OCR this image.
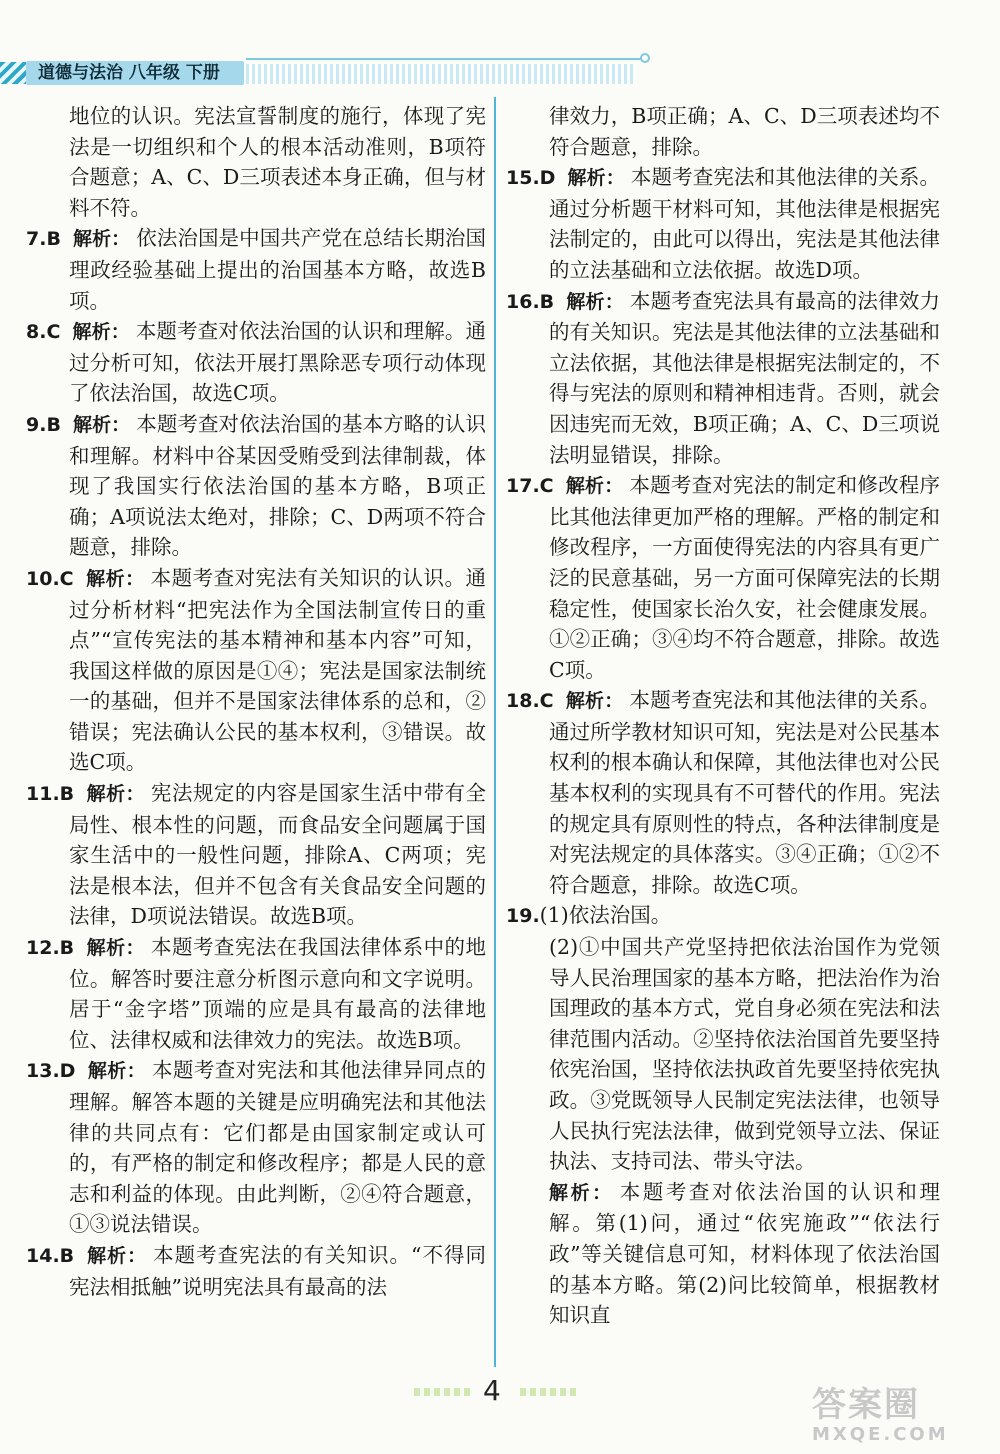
道德与法治 八年级 下册
地位的认识。宪法宣誓制度的施行，体现了宪法是一切组织和个人的根本活动准则，B项符合题意；A、C、D三项表述本身正确，但与材料不符。
7.B 解析： 依法治国是中国共产党在总结长期治国理政经验基础上提出的治国基本方略，故选B项。
8.C 解析： 本题考查对依法治国的认识和理解。通过分析可知，依法开展打黑除恶专项行动体现了依法治国，故选C项。
9.B 解析： 本题考查对依法治国的基本方略的认识和理解。材料中谷某因受贿受到法律制裁，体现了我国实行依法治国的基本方略，B项正确；A项说法太绝对，排除；C、D两项不符合题意，排除。
10.C 解析： 本题考查对宪法有关知识的认识。通过分析材料“把宪法作为全国法制宣传日的重点”“宣传宪法的基本精神和基本内容”可知，我国这样做的原因是①④；宪法是国家法制统一的基础，但并不是国家法律体系的总和，②错误；宪法确认公民的基本权利，③错误。故选C项。
11.B 解析： 宪法规定的内容是国家生活中带有全局性、根本性的问题，而食品安全问题属于国家生活中的一般性问题，排除A、C两项；宪法是根本法，但并不包含有关食品安全问题的法律，D项说法错误。故选B项。
12.B 解析： 本题考查宪法在我国法律体系中的地位。解答时要注意分析图示意向和文字说明。居于“金字塔”顶端的应是具有最高的法律地位、法律权威和法律效力的宪法。故选B项。
13.D 解析： 本题考查对宪法和其他法律异同点的理解。解答本题的关键是应明确宪法和其他法律的共同点有：它们都是由国家制定或认可的，有严格的制定和修改程序；都是人民的意志和利益的体现。由此判断，②④符合题意，①③说法错误。
14.B 解析： 本题考查宪法的有关知识。“不得同宪法相抵触”说明宪法具有最高的法
律效力，B项正确；A、C、D三项表述均不符合题意，排除。
15.D 解析： 本题考查宪法和其他法律的关系。通过分析题干材料可知，其他法律是根据宪法制定的，由此可以得出，宪法是其他法律的立法基础和立法依据。故选D项。
16.B 解析： 本题考查宪法具有最高的法律效力的有关知识。宪法是其他法律的立法基础和立法依据，其他法律是根据宪法制定的，不得与宪法的原则和精神相违背。否则，就会因违宪而无效，B项正确；A、C、D三项说法明显错误，排除。
17.C 解析： 本题考查对宪法的制定和修改程序比其他法律更加严格的理解。严格的制定和修改程序，一方面使得宪法的内容具有更广泛的民意基础，另一方面可保障宪法的长期稳定性，使国家长治久安，社会健康发展。①②正确；③④均不符合题意，排除。故选C项。
18.C 解析： 本题考查宪法和其他法律的关系。通过所学教材知识可知，宪法是对公民基本权利的根本确认和保障，其他法律也对公民基本权利的实现具有不可替代的作用。宪法的规定具有原则性的特点，各种法律制度是对宪法规定的具体落实。③④正确；①②不符合题意，排除。故选C项。
19.(1)依法治国。
(2)①中国共产党坚持把依法治国作为党领导人民治理国家的基本方略，把法治作为治国理政的基本方式，党自身必须在宪法和法律范围内活动。②坚持依法治国首先要坚持依宪治国，坚持依法执政首先要坚持依宪执政。③党既领导人民制定宪法法律，也领导人民执行宪法法律，做到党领导立法、保证执法、支持司法、带头守法。
解析： 本题考查对依法治国的认识和理解。第(1)问，通过“依宪施政”“依法行政”等关键信息可知，材料体现了依法治国的基本方略。第(2)问比较简单，根据教材知识直
4	答案圈
MXQE.COM
